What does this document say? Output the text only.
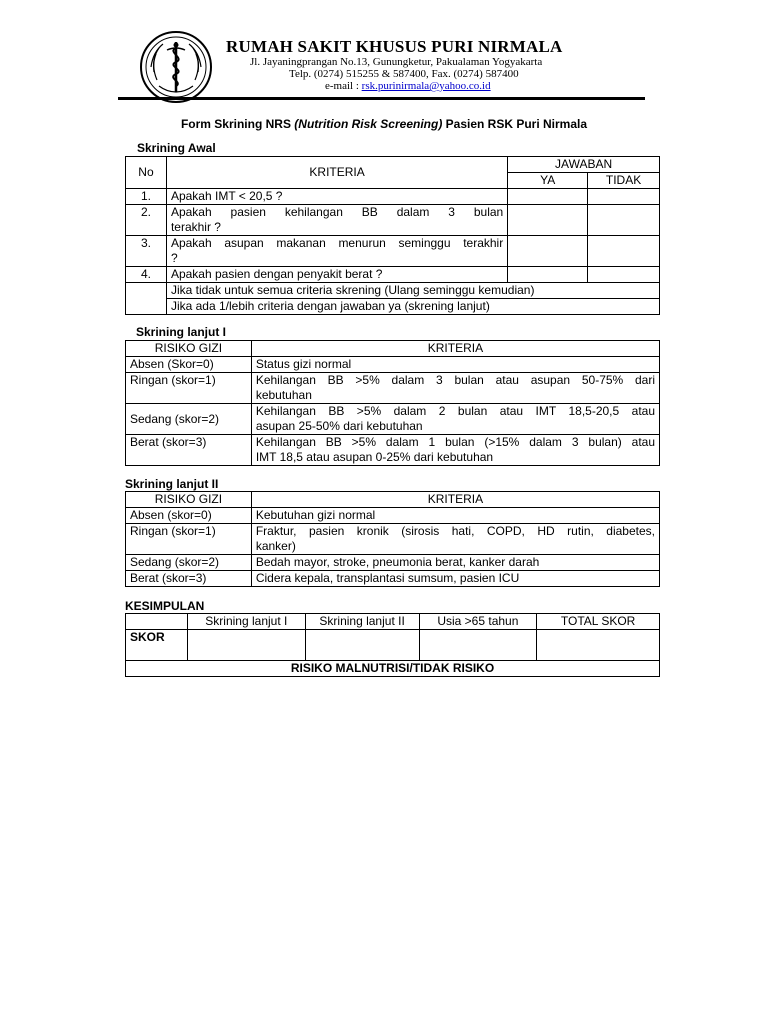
RUMAH SAKIT KHUSUS PURI NIRMALA
Jl. Jayaningprangan No.13, Gunungketur, Pakualaman Yogyakarta
Telp. (0274) 515255 & 587400, Fax. (0274) 587400
e-mail : rsk.purinirmala@yahoo.co.id
Form Skrining NRS (Nutrition Risk Screening) Pasien RSK Puri Nirmala
Skrining Awal
No	KRITERIA	JAWABAN	
		YA	TIDAK
1.	Apakah IMT < 20,5 ?		
2.	Apakah pasien kehilangan BB dalam 3 bulan
terakhir ?		

3.	Apakah asupan makanan menurun seminggu terakhir
?		

4.	Apakah pasien dengan penyakit berat ?		
	Jika tidak untuk semua criteria skrening (Ulang seminggu kemudian)		
	Jika ada 1/lebih criteria dengan jawaban ya (skrening lanjut)		
Skrining lanjut I
RISIKO GIZI	KRITERIA
Absen (Skor=0)	Status gizi normal
Ringan (skor=1)	Kehilangan BB >5% dalam 3 bulan atau asupan 50-75% dari
kebutuhan

Sedang (skor=2)	Kehilangan BB >5% dalam 2 bulan atau IMT 18,5-20,5 atau
asupan 25-50% dari kebutuhan

Berat (skor=3)	Kehilangan BB >5% dalam 1 bulan (>15% dalam 3 bulan) atau
IMT 18,5 atau asupan 0-25% dari kebutuhan
Skrining lanjut II
RISIKO GIZI	KRITERIA
Absen (skor=0)	Kebutuhan gizi normal
Ringan (skor=1)	Fraktur, pasien kronik (sirosis hati, COPD, HD rutin, diabetes,
kanker)

Sedang (skor=2)	Bedah mayor, stroke, pneumonia berat, kanker darah
Berat (skor=3)	Cidera kepala, transplantasi sumsum, pasien ICU
KESIMPULAN
	Skrining lanjut I	Skrining lanjut II	Usia >65 tahun	TOTAL SKOR
SKOR				
RISIKO MALNUTRISI/TIDAK RISIKO				
